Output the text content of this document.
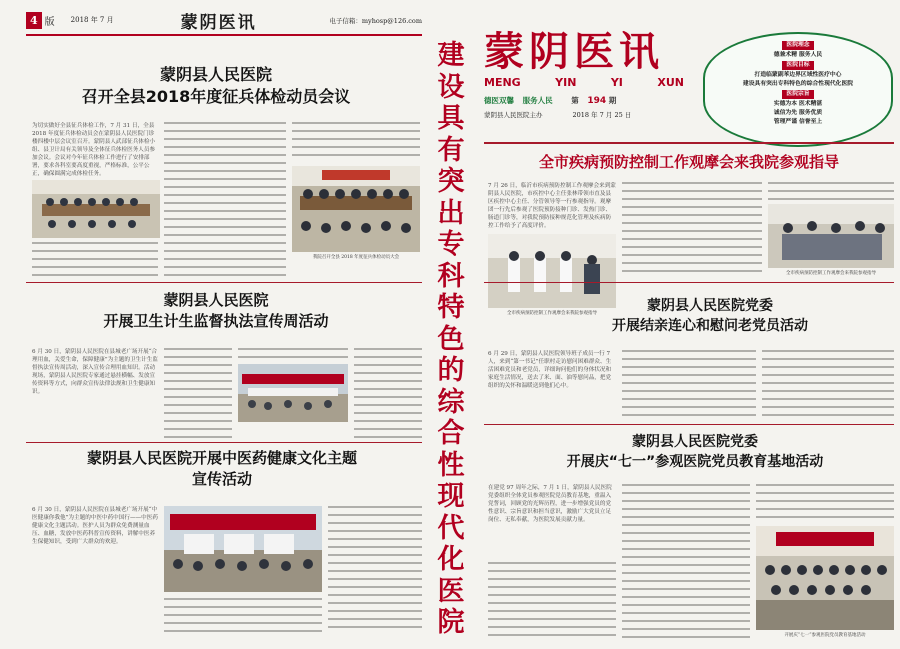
4 版 2018 年 7 月	蒙阴医讯	电子信箱：myhosp@126.com
蒙阴县人民医院
召开全县2018年度征兵体检动员会议
为切实做好全县征兵体检工作，7 月 31 日，全县 2018 年度征兵体检动员会在蒙阴县人民医院门诊楼四楼中层会议室召开。蒙阴县人武部征兵体检小组、县卫计局有关领导及全体征兵体检医务人员参加会议。会议对今年征兵体检工作进行了安排部署，要求各科室要高度重视，严格标准，公平公正，确保圆满完成体检任务。
我院召开全县 2018 年度征兵体检动员大会
蒙阴县人民医院
开展卫生计生监督执法宣传周活动
6 月 30 日，蒙阴县人民医院在县城老广场开展“合理用血，关爱生命，保障健康”为主题的卫生计生监督执法宣传周活动，深入宣传合理用血知识。活动现场，蒙阴县人民医院专家通过悬挂横幅、发放宣传资料等方式，向群众宣传法律法规和卫生健康知识。
蒙阴县人民医院开展中医药健康文化主题
宣传活动
6 月 30 日，蒙阴县人民医院在县城老广场开展“中医健康你我他”为主题的中医中药中国行——中医药健康文化主题活动。医护人员为群众免费测量血压、血糖，发放中医药科普宣传资料，讲解中医养生保健知识，受到广大群众的欢迎。
建设具有突出专科特色的综合性现代化医院
蒙阴医讯
MENG	YIN	YI	XUN
德医双馨 服务人民 第 194 期
蒙阴县人民医院主办	2018 年 7 月 25 日
医院理念
德兼术精 服务人民
医院目标
打造临蒙副苯边界区域性医疗中心
建设具有突出专科特色的综合性现代化医院
医院宗旨
实德为本 医术精湛
诚信为先 服务优质
管理严谨 信誉至上
全市疾病预防控制工作观摩会来我院参观指导
7 月 26 日，临沂市疾病预防控制工作观摩会来到蒙阴县人民医院，市疾控中心主任张林带领市直及县区疾控中心主任、分管领导等一行参观指导。观摩团一行先后参观了医院预防接种门诊、发热门诊、肠道门诊等，对我院预防接种规范化管理及疾病防控工作给予了高度评价。
全市疾病预防控制工作观摩会来我院参观指导
全市疾病预防控制工作观摩会来我院参观指导
蒙阴县人民医院党委
开展结亲连心和慰问老党员活动
6 月 29 日，蒙阴县人民医院领导班子成员一行 7 人，来到“第一书记”任职村走访慰问困难群众、生活困难党员和老党员，详细询问他们的身体状况和家庭生活情况，送去了米、面、油等慰问品，把党组织的关怀和温暖送到他们心中。
蒙阴县人民医院党委
开展庆“七一”参观医院党员教育基地活动
在建党 97 周年之际，7 月 1 日，蒙阴县人民医院党委组织全体党员参观医院党员教育基地，重温入党誓词，回顾党的光辉历程，进一步增强党员的党性意识、宗旨意识和担当意识，激励广大党员立足岗位、无私奉献，为医院发展贡献力量。
开展庆“七一”参观医院党员教育基地活动
